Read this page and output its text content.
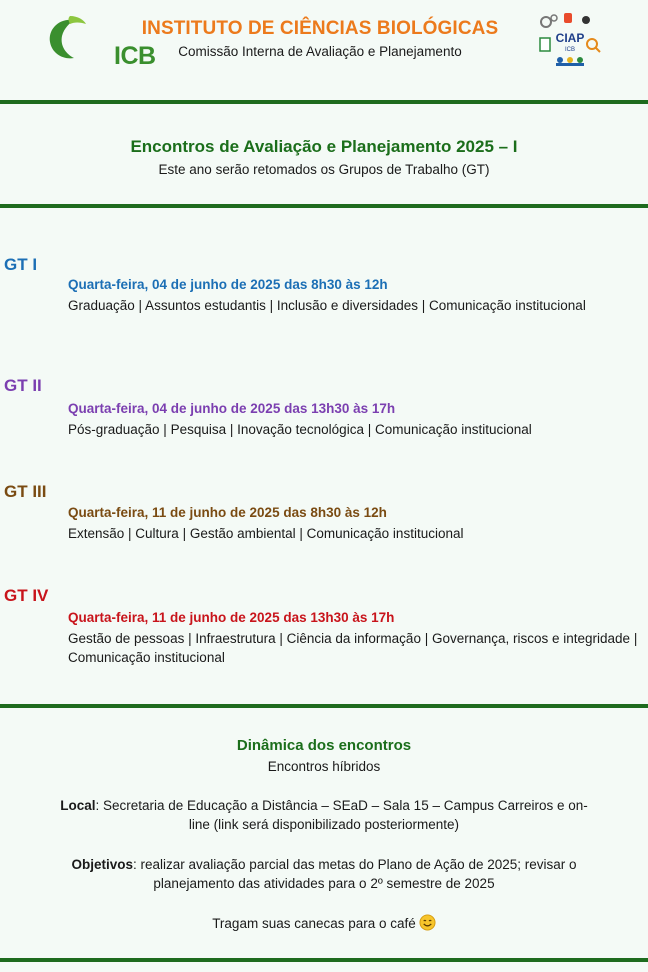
ICB
INSTITUTO DE CIÊNCIAS BIOLÓGICAS
Comissão Interna de Avaliação e Planejamento
CIAP
ICB
Encontros de Avaliação e Planejamento 2025 – I
Este ano serão retomados os Grupos de Trabalho (GT)
GT I
Quarta-feira, 04 de junho de 2025 das 8h30 às 12h
Graduação | Assuntos estudantis | Inclusão e diversidades | Comunicação institucional
GT II
Quarta-feira, 04 de junho de 2025 das 13h30 às 17h
Pós-graduação | Pesquisa | Inovação tecnológica | Comunicação institucional
GT III
Quarta-feira, 11 de junho de 2025 das 8h30 às 12h
Extensão | Cultura | Gestão ambiental | Comunicação institucional
GT IV
Quarta-feira, 11 de junho de 2025 das 13h30 às 17h
Gestão de pessoas | Infraestrutura | Ciência da informação | Governança, riscos e integridade | Comunicação institucional
Dinâmica dos encontros
Encontros híbridos
Local: Secretaria de Educação a Distância – SEaD – Sala 15 – Campus Carreiros e on-line (link será disponibilizado posteriormente)
Objetivos: realizar avaliação parcial das metas do Plano de Ação de 2025; revisar o planejamento das atividades para o 2º semestre de 2025
Tragam suas canecas para o café
